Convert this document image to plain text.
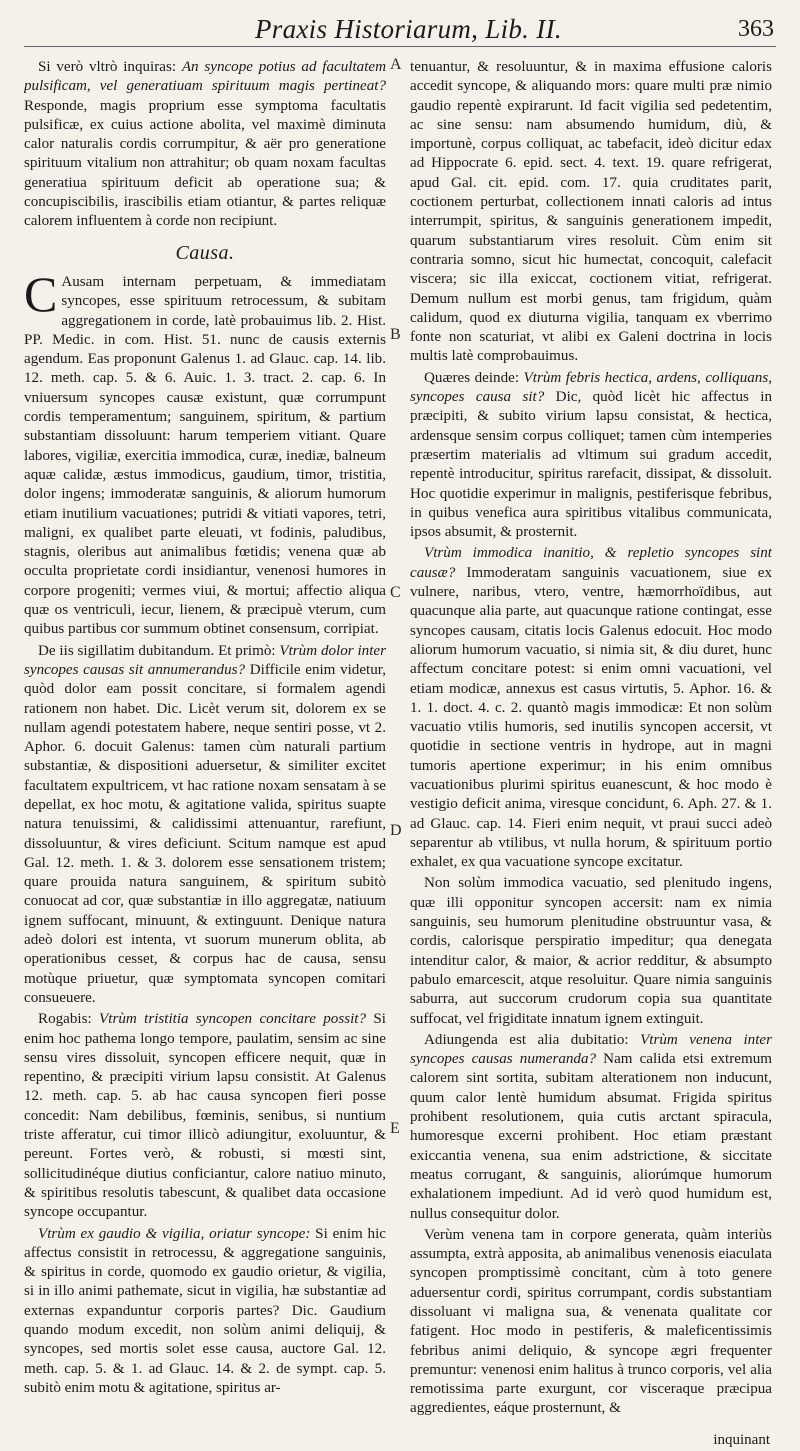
Praxis Historiarum, Lib. II.	363
A
B
C
D
E

Si verò vltrò inquiras: An syncope potius ad facultatem pulsificam, vel generatiuam spirituum magis pertineat? Responde, magis proprium esse symptoma facultatis pulsificæ, ex cuius actione abolita, vel maximè diminuta calor naturalis cordis corrumpitur, & aër pro generatione spirituum vitalium non attrahitur; ob quam noxam facultas generatiua spirituum deficit ab operatione sua; & concupiscibilis, irascibilis etiam otiantur, & partes reliquæ calorem influentem à corde non recipiunt.

Causa.

C Ausam internam perpetuam, & immediatam syncopes, esse spirituum retrocessum, & subitam aggregationem in corde, latè probauimus lib. 2. Hist. PP. Medic. in com. Hist. 51. nunc de causis externis agendum. Eas proponunt Galenus 1. ad Glauc. cap. 14. lib. 12. meth. cap. 5. & 6. Auic. 1. 3. tract. 2. cap. 6. In vniuersum syncopes causæ existunt, quæ corrumpunt cordis temperamentum; sanguinem, spiritum, & partium substantiam dissoluunt: harum temperiem vitiant. Quare labores, vigiliæ, exercitia immodica, curæ, inediæ, balneum aquæ calidæ, æstus immodicus, gaudium, timor, tristitia, dolor ingens; immoderatæ sanguinis, & aliorum humorum etiam inutilium vacuationes; putridi & vitiati vapores, tetri, maligni, ex qualibet parte eleuati, vt fodinis, paludibus, stagnis, oleribus aut animalibus fœtidis; venena quæ ab occulta proprietate cordi insidiantur, venenosi humores in corpore progeniti; vermes viui, & mortui; affectio aliqua quæ os ventriculi, iecur, lienem, & præcipuè vterum, cum quibus partibus cor summum obtinet consensum, corripiat.

De iis sigillatim dubitandum. Et primò: Vtrùm dolor inter syncopes causas sit annumerandus? Difficile enim videtur, quòd dolor eam possit concitare, si formalem agendi rationem non habet. Dic. Licèt verum sit, dolorem ex se nullam agendi potestatem habere, neque sentiri posse, vt 2. Aphor. 6. docuit Galenus: tamen cùm naturali partium substantiæ, & dispositioni aduersetur, & similiter excitet facultatem expultricem, vt hac ratione noxam sensatam à se depellat, ex hoc motu, & agitatione valida, spiritus suapte natura tenuissimi, & calidissimi attenuantur, rarefiunt, dissoluuntur, & vires deficiunt. Scitum namque est apud Gal. 12. meth. 1. & 3. dolorem esse sensationem tristem; quare prouida natura sanguinem, & spiritum subitò conuocat ad cor, quæ substantiæ in illo aggregatæ, natiuum ignem suffocant, minuunt, & extinguunt. Denique natura adeò dolori est intenta, vt suorum munerum oblita, ab operationibus cesset, & corpus hac de causa, sensu motùque priuetur, quæ symptomata syncopen comitari consueuere.

Rogabis: Vtrùm tristitia syncopen concitare possit? Si enim hoc pathema longo tempore, paulatim, sensim ac sine sensu vires dissoluit, syncopen efficere nequit, quæ in repentino, & præcipiti virium lapsu consistit. At Galenus 12. meth. cap. 5. ab hac causa syncopen fieri posse concedit: Nam debilibus, fœminis, senibus, si nuntium triste afferatur, cui timor illicò adiungitur, exoluuntur, & pereunt. Fortes verò, & robusti, si mœsti sint, sollicitudinéque diutius conficiantur, calore natiuo minuto, & spiritibus resolutis tabescunt, & qualibet data occasione syncope occupantur.

Vtrùm ex gaudio & vigilia, oriatur syncope: Si enim hic affectus consistit in retrocessu, & aggregatione sanguinis, & spiritus in corde, quomodo ex gaudio orietur, & vigilia, si in illo animi pathemate, sicut in vigilia, hæ substantiæ ad externas expanduntur corporis partes? Dic. Gaudium quando modum excedit, non solùm animi deliquij, & syncopes, sed mortis solet esse causa, auctore Gal. 12. meth. cap. 5. & 1. ad Glauc. 14. & 2. de sympt. cap. 5. subitò enim motu & agitatione, spiritus ar-

tenuantur, & resoluuntur, & in maxima effusione caloris accedit syncope, & aliquando mors: quare multi præ nimio gaudio repentè expirarunt. Id facit vigilia sed pedetentim, ac sine sensu: nam absumendo humidum, diù, & importunè, corpus colliquat, ac tabefacit, ideò dicitur edax ad Hippocrate 6. epid. sect. 4. text. 19. quare refrigerat, apud Gal. cit. epid. com. 17. quia cruditates parit, coctionem perturbat, collectionem innati caloris ad intus interrumpit, spiritus, & sanguinis generationem impedit, quarum substantiarum vires resoluit. Cùm enim sit contraria somno, sicut hic humectat, concoquit, calefacit viscera; sic illa exiccat, coctionem vitiat, refrigerat. Demum nullum est morbi genus, tam frigidum, quàm calidum, quod ex diuturna vigilia, tanquam ex vberrimo fonte non scaturiat, vt alibi ex Galeni doctrina in locis multis latè comprobauimus.

Quæres deinde: Vtrùm febris hectica, ardens, colliquans, syncopes causa sit? Dic, quòd licèt hic affectus in præcipiti, & subito virium lapsu consistat, & hectica, ardensque sensim corpus colliquet; tamen cùm intemperies præsertim materialis ad vltimum sui gradum accedit, repentè introducitur, spiritus rarefacit, dissipat, & dissoluit. Hoc quotidie experimur in malignis, pestiferisque febribus, in quibus venefica aura spiritibus vitalibus communicata, ipsos absumit, & prosternit.

Vtrùm immodica inanitio, & repletio syncopes sint causæ? Immoderatam sanguinis vacuationem, siue ex vulnere, naribus, vtero, ventre, hæmorrhoïdibus, aut quacunque alia parte, aut quacunque ratione contingat, esse syncopes causam, citatis locis Galenus edocuit. Hoc modo aliorum humorum vacuatio, si nimia sit, & diu duret, hunc affectum concitare potest: si enim omni vacuationi, vel etiam modicæ, annexus est casus virtutis, 5. Aphor. 16. & 1. 1. doct. 4. c. 2. quantò magis immodicæ: Et non solùm vacuatio vtilis humoris, sed inutilis syncopen accersit, vt quotidie in sectione ventris in hydrope, aut in magni tumoris apertione experimur; in his enim omnibus vacuationibus plurimi spiritus euanescunt, & hoc modo è vestigio deficit anima, viresque concidunt, 6. Aph. 27. & 1. ad Glauc. cap. 14. Fieri enim nequit, vt praui succi adeò separentur ab vtilibus, vt nulla horum, & spirituum portio exhalet, ex qua vacuatione syncope excitatur.

Non solùm immodica vacuatio, sed plenitudo ingens, quæ illi opponitur syncopen accersit: nam ex nimia sanguinis, seu humorum plenitudine obstruuntur vasa, & cordis, calorisque perspiratio impeditur; qua denegata intenditur calor, & maior, & acrior redditur, & absumpto pabulo emarcescit, atque resoluitur. Quare nimia sanguinis saburra, aut succorum crudorum copia sua quantitate suffocat, vel frigiditate innatum ignem extinguit.

Adiungenda est alia dubitatio: Vtrùm venena inter syncopes causas numeranda? Nam calida etsi extremum calorem sint sortita, subitam alterationem non inducunt, quum calor lentè humidum absumat. Frigida spiritus prohibent resolutionem, quia cutis arctant spiracula, humoresque excerni prohibent. Hoc etiam præstant exiccantia venena, sua enim adstrictione, & siccitate meatus corrugant, & sanguinis, aliorúmque humorum exhalationem impediunt. Ad id verò quod humidum est, nullus consequitur dolor.

Verùm venena tam in corpore generata, quàm interiùs assumpta, extrà apposita, ab animalibus venenosis eiaculata syncopen promptissimè concitant, cùm à toto genere aduersentur cordi, spiritus corrumpant, cordis substantiam dissoluant vi maligna sua, & venenata qualitate cor fatigent. Hoc modo in pestiferis, & maleficentissimis febribus animi deliquio, & syncope ægri frequenter premuntur: venenosi enim halitus à trunco corporis, vel alia remotissima parte exurgunt, cor visceraque præcipua aggredientes, eáque prosternunt, &

inquinant
